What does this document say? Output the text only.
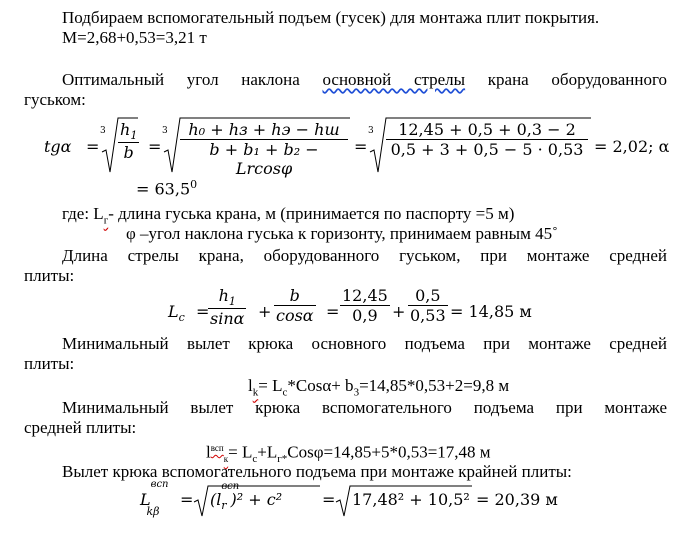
Подбираем вспомогательный подъем (гусек) для монтажа плит покрытия.
M=2,68+0,53=3,21 т
Оптимальный угол наклона основной стрелы крана оборудованного
гуськом:
tgα =
$3 \frac{h_1}{b}$ =
3	h₀ + hз + hэ − hш
b + b₁ + b₂ − Lrcosφ
=
$3 \frac{12,45 + 0,5 + 0,3 - 2}{0,5 + 3 + 0,5 - 5 \cdot 0,53} = 2,02$; α
= $63,5^0$
где: $L_г-$ длина гуська крана, м (принимается по паспорту =5 м)
φ –угол наклона гуська к горизонту, принимаем равным 45˚
Длина стрелы крана, оборудованного гуськом, при монтаже средней
плиты:
$L_с$ =
$\frac{h_1}{\sin\alpha} + \frac{b}{\cos\alpha} = \frac{12,45}{0,9} + \frac{0,5}{0,53} = 14,85$ м
Минимальный вылет крюка основного подъема при монтаже средней
плиты:
$l_k= L_c*Cos\alpha+ b_3=14,85*0,53+2=9,8$ м
Минимальный вылет крюка вспомогательного подъема при монтаже
средней плиты:
$l^{всп}_к= L_с+L_{г*}Cos\varphi=14,85+5*0,53=17,48$ м
Вылет крюка вспомогательного подъема при монтаже крайней плиты:
$L^{всп}_{k\beta}$
= ($l^{всп}_r$ )² + c²	= 17,48² + 10,5² = 20,39 м
